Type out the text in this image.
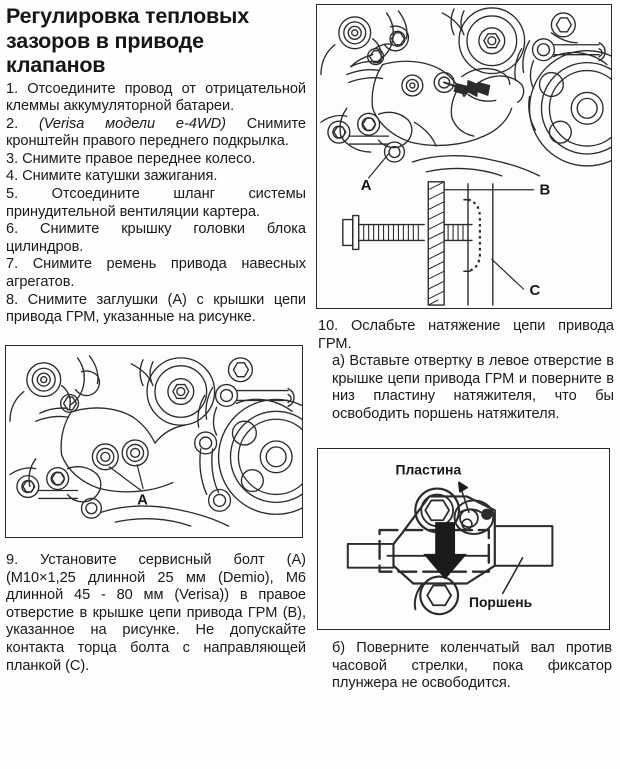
Регулировка тепловых
зазоров в приводе
клапанов

1. Отсоедините провод от отрицательной клеммы аккумуляторной батареи.

2. (Verisa модели e-4WD) Снимите кронштейн правого переднего подкрылка.

3. Снимите правое переднее колесо.

4. Снимите катушки зажигания.

5. Отсоедините шланг системы принудительной вентиляции картера.

6. Снимите крышку головки блока цилиндров.

7. Снимите ремень привода навесных агрегатов.

8. Снимите заглушки (A) с крышки цепи привода ГРМ, указанные на рисунке.

A	B
C

10. Ослабьте натяжение цепи привода ГРМ.

a) Вставьте отвертку в левое отверстие в крышке цепи привода ГРМ и поверните в низ пластину натяжителя, что бы освободить поршень натяжителя.

A

9. Установите сервисный болт (A) (M10×1,25 длинной 25 мм (Demio), M6 длинной 45 - 80 мм (Verisa)) в правое отверстие в крышке цепи привода ГРМ (B), указанное на рисунке. Не допускайте контакта торца болта с направляющей планкой (C).

Пластина
Поршень

б) Поверните коленчатый вал против часовой стрелки, пока фиксатор плунжера не освободится.
